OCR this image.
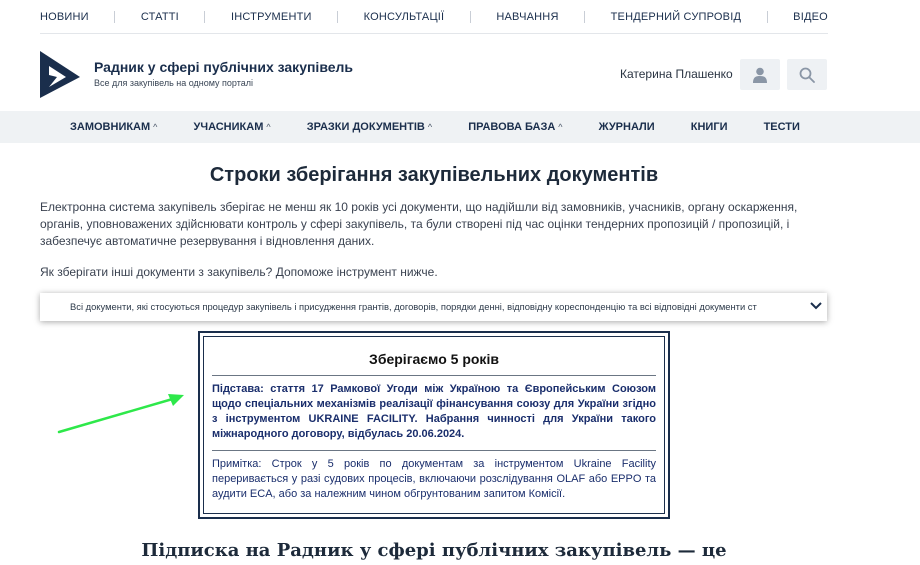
НОВИНИ	СТАТТІ	ІНСТРУМЕНТИ	КОНСУЛЬТАЦІЇ	НАВЧАННЯ	ТЕНДЕРНИЙ СУПРОВІД	ВІДЕО
Радник у сфері публічних закупівель
Все для закупівель на одному порталі
Катерина Плашенко
ЗАМОВНИКАМ ^	УЧАСНИКАМ ^	ЗРАЗКИ ДОКУМЕНТІВ ^	ПРАВОВА БАЗА ^	ЖУРНАЛИ	КНИГИ	ТЕСТИ
Строки зберігання закупівельних документів

Електронна система закупівель зберігає не менш як 10 років усі документи, що надійшли від замовників, учасників, органу оскарження, органів, уповноважених здійснювати контроль у сфері закупівель, та були створені під час оцінки тендерних пропозицій / пропозицій, і забезпечує автоматичне резервування і відновлення даних.

Як зберігати інші документи з закупівель? Допоможе інструмент нижче.

Всі документи, які стосуються процедур закупівель і присудження грантів, договорів, порядки денні, відповідну кореспонденцію та всі відповідні документи ст
Зберігаємо 5 років

Підстава: стаття 17 Рамкової Угоди між Україною та Європейським Союзом щодо спеціальних механізмів реалізації фінансування союзу для України згідно з інструментом UKRAINE FACILITY. Набрання чинності для України такого міжнародного договору, відбулась 20.06.2024.

Примітка: Строк у 5 років по документам за інструментом Ukraine Facility переривається у разі судових процесів, включаючи розслідування OLAF або EPPO та аудити ECA, або за належним чином обгрунтованим запитом Комісії.

Підписка на Радник у сфері публічних закупівель — це
